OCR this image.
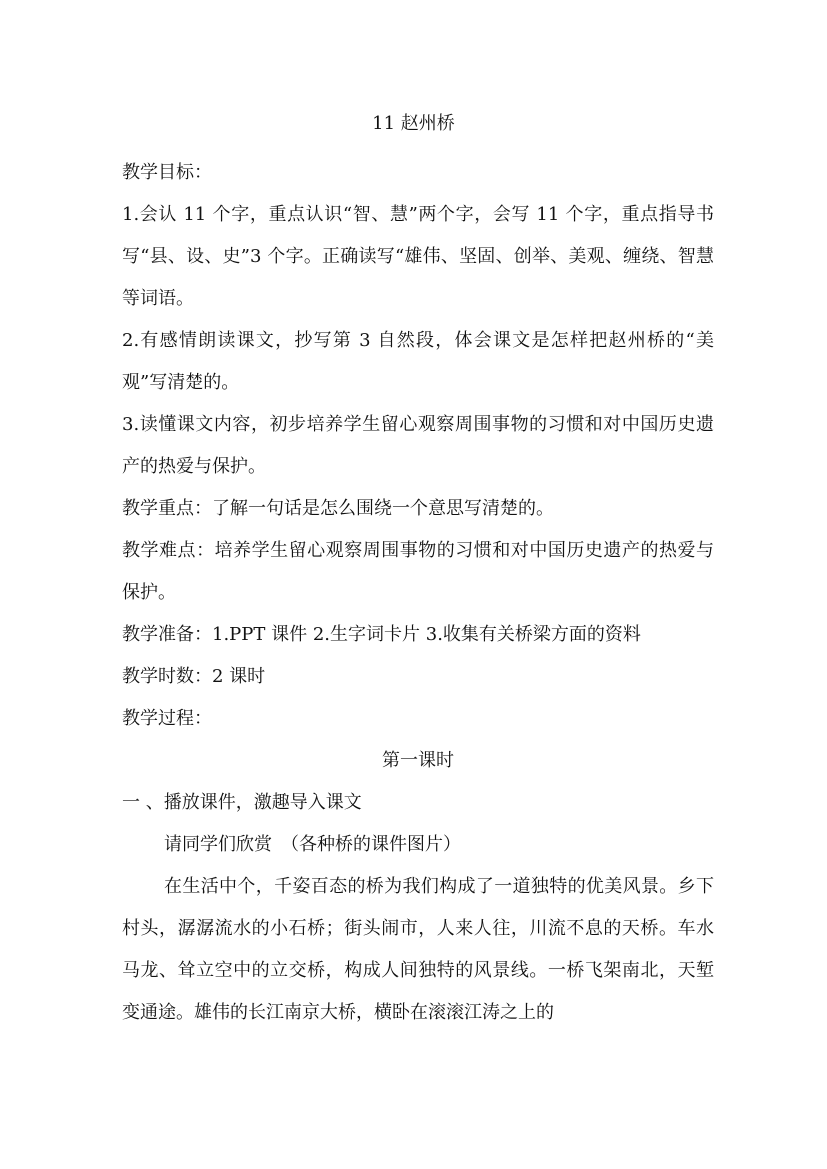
11 赵州桥

教学目标：

1.会认 11 个字，重点认识“智、慧”两个字，会写 11 个字，重点指导书写“县、设、史”3 个字。正确读写“雄伟、坚固、创举、美观、缠绕、智慧等词语。

2.有感情朗读课文，抄写第 3 自然段，体会课文是怎样把赵州桥的“美观”写清楚的。

3.读懂课文内容，初步培养学生留心观察周围事物的习惯和对中国历史遗产的热爱与保护。

教学重点：了解一句话是怎么围绕一个意思写清楚的。

教学难点：培养学生留心观察周围事物的习惯和对中国历史遗产的热爱与保护。

教学准备：1.PPT 课件 2.生字词卡片 3.收集有关桥梁方面的资料

教学时数：2 课时

教学过程：

第一课时

一 、播放课件，激趣导入课文

请同学们欣赏　（各种桥的课件图片）

在生活中个，千姿百态的桥为我们构成了一道独特的优美风景。乡下村头，潺潺流水的小石桥；街头闹市，人来人往，川流不息的天桥。车水马龙、耸立空中的立交桥，构成人间独特的风景线。一桥飞架南北，天堑变通途。雄伟的长江南京大桥，横卧在滚滚江涛之上的
